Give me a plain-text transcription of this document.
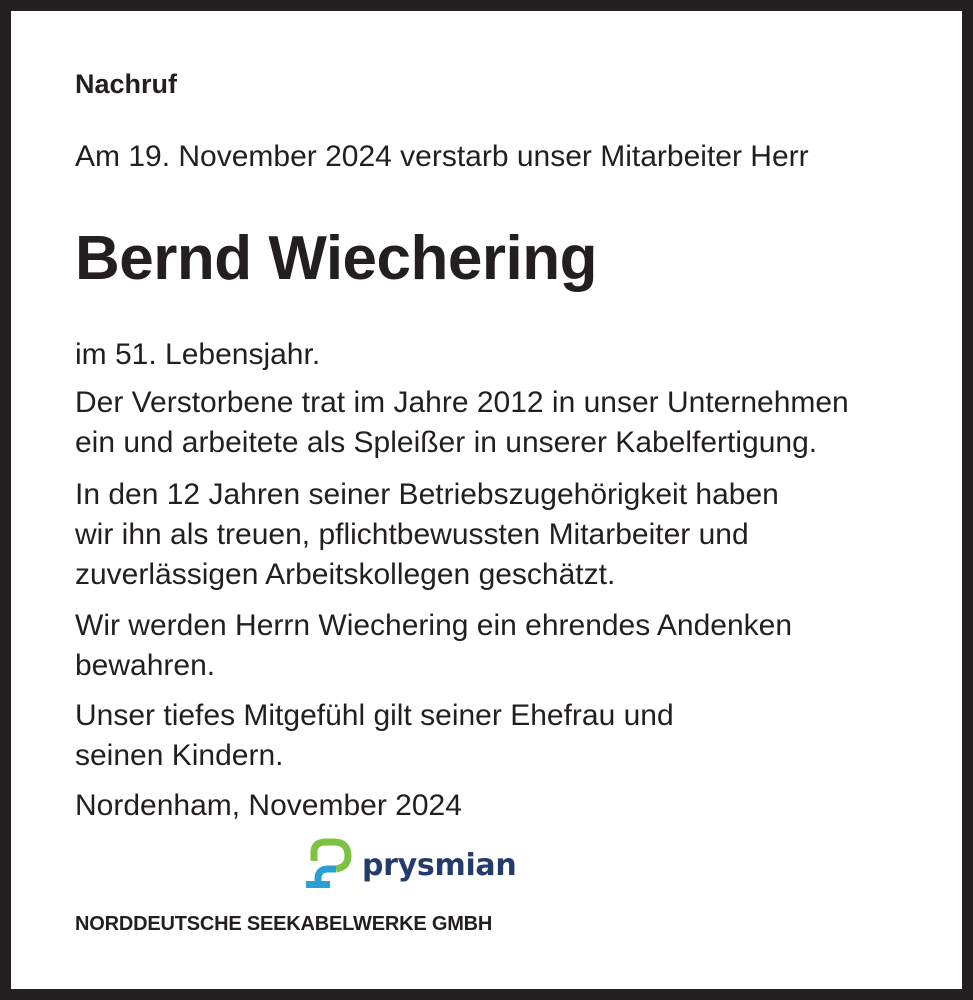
Nachruf
Am 19. November 2024 verstarb unser Mitarbeiter Herr
Bernd Wiechering
im 51. Lebensjahr.
Der Verstorbene trat im Jahre 2012 in unser Unternehmen
ein und arbeitete als Spleißer in unserer Kabelfertigung.
In den 12 Jahren seiner Betriebszugehörigkeit haben
wir ihn als treuen, pflichtbewussten Mitarbeiter und
zuverlässigen Arbeitskollegen geschätzt.
Wir werden Herrn Wiechering ein ehrendes Andenken
bewahren.
Unser tiefes Mitgefühl gilt seiner Ehefrau und
seinen Kindern.
Nordenham, November 2024
prysmian
NORDDEUTSCHE SEEKABELWERKE GMBH
